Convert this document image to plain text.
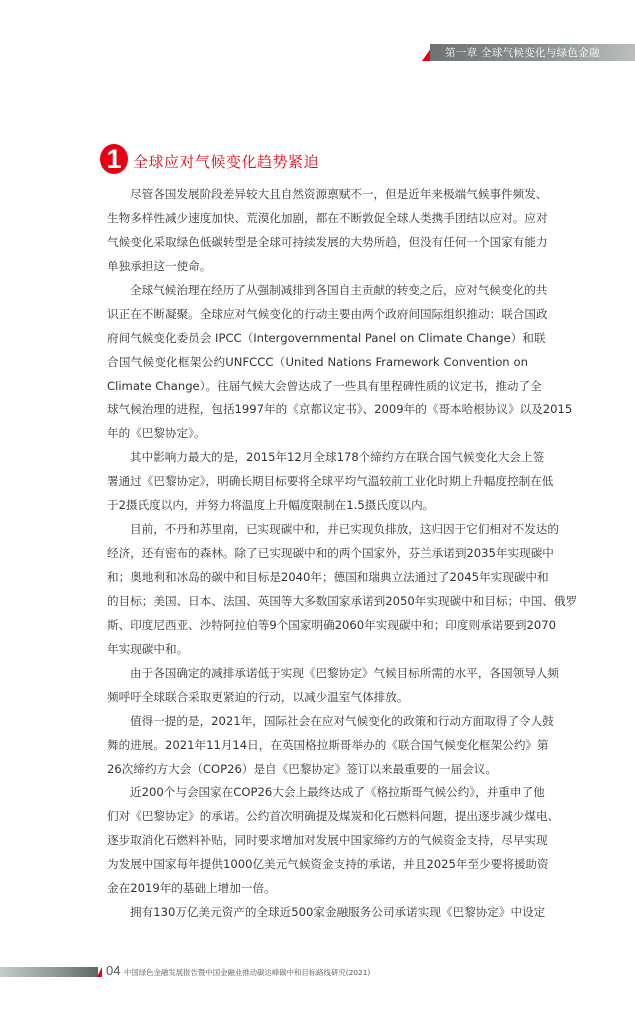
第一章 全球气候变化与绿色金融
1 全球应对气候变化趋势紧迫
尽管各国发展阶段差异较大且自然资源禀赋不一，但是近年来极端气候事件频发、
生物多样性减少速度加快、荒漠化加剧，都在不断敦促全球人类携手团结以应对。应对
气候变化采取绿色低碳转型是全球可持续发展的大势所趋，但没有任何一个国家有能力
单独承担这一使命。
全球气候治理在经历了从强制减排到各国自主贡献的转变之后，应对气候变化的共
识正在不断凝聚。全球应对气候变化的行动主要由两个政府间国际组织推动：联合国政
府间气候变化委员会 IPCC（Intergovernmental Panel on Climate Change）和联
合国气候变化框架公约UNFCCC（United Nations Framework Convention on
Climate Change）。往届气候大会曾达成了一些具有里程碑性质的议定书，推动了全
球气候治理的进程，包括1997年的《京都议定书》、2009年的《哥本哈根协议》以及2015
年的《巴黎协定》。
其中影响力最大的是，2015年12月全球178个缔约方在联合国气候变化大会上签
署通过《巴黎协定》，明确长期目标要将全球平均气温较前工业化时期上升幅度控制在低
于2摄氏度以内，并努力将温度上升幅度限制在1.5摄氏度以内。
目前，不丹和苏里南，已实现碳中和，并已实现负排放，这归因于它们相对不发达的
经济，还有密布的森林。除了已实现碳中和的两个国家外，芬兰承诺到2035年实现碳中
和；奥地利和冰岛的碳中和目标是2040年；德国和瑞典立法通过了2045年实现碳中和
的目标；美国、日本、法国、英国等大多数国家承诺到2050年实现碳中和目标；中国、俄罗
斯、印度尼西亚、沙特阿拉伯等9个国家明确2060年实现碳中和；印度则承诺要到2070
年实现碳中和。
由于各国确定的减排承诺低于实现《巴黎协定》气候目标所需的水平，各国领导人频
频呼吁全球联合采取更紧迫的行动，以减少温室气体排放。
值得一提的是，2021年，国际社会在应对气候变化的政策和行动方面取得了令人鼓
舞的进展。2021年11月14日，在英国格拉斯哥举办的《联合国气候变化框架公约》第
26次缔约方大会（COP26）是自《巴黎协定》签订以来最重要的一届会议。
近200个与会国家在COP26大会上最终达成了《格拉斯哥气候公约》，并重申了他
们对《巴黎协定》的承诺。公约首次明确提及煤炭和化石燃料问题，提出逐步减少煤电、
逐步取消化石燃料补贴，同时要求增加对发展中国家缔约方的气候资金支持，尽早实现
为发展中国家每年提供1000亿美元气候资金支持的承诺，并且2025年至少要将援助资
金在2019年的基础上增加一倍。
拥有130万亿美元资产的全球近500家金融服务公司承诺实现《巴黎协定》中设定
04 中国绿色金融发展报告暨中国金融业推动碳达峰碳中和目标路线研究(2021)
